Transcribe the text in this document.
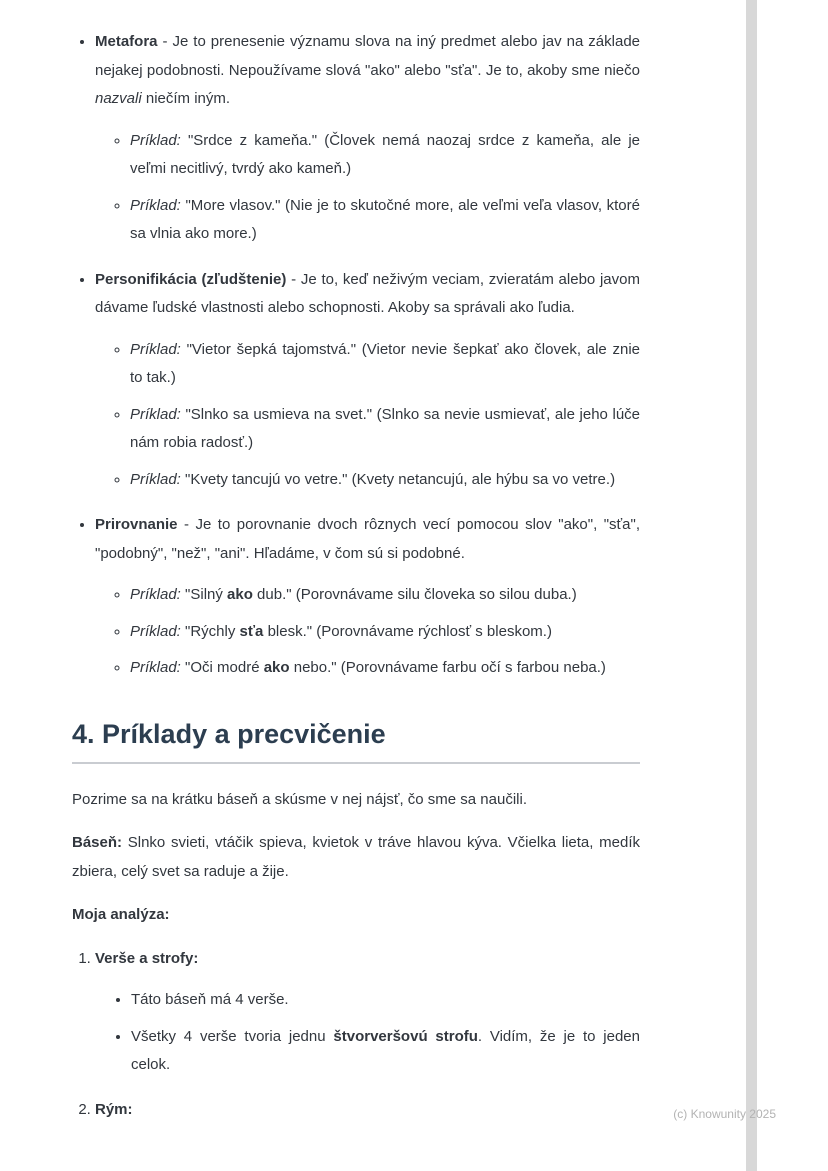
• Metafora - Je to prenesenie významu slova na iný predmet alebo jav na základe nejakej podobnosti. Nepoužívame slová "ako" alebo "sťa". Je to, akoby sme niečo nazvali niečím iným.

◦ Príklad: "Srdce z kameňa." (Človek nemá naozaj srdce z kameňa, ale je veľmi necitlivý, tvrdý ako kameň.)

◦ Príklad: "More vlasov." (Nie je to skutočné more, ale veľmi veľa vlasov, ktoré sa vlnia ako more.)

• Personifikácia (zľudštenie) - Je to, keď neživým veciam, zvieratám alebo javom dávame ľudské vlastnosti alebo schopnosti. Akoby sa správali ako ľudia.

◦ Príklad: "Vietor šepká tajomstvá." (Vietor nevie šepkať ako človek, ale znie to tak.)

◦ Príklad: "Slnko sa usmieva na svet." (Slnko sa nevie usmievať, ale jeho lúče nám robia radosť.)

◦ Príklad: "Kvety tancujú vo vetre." (Kvety netancujú, ale hýbu sa vo vetre.)

• Prirovnanie - Je to porovnanie dvoch rôznych vecí pomocou slov "ako", "sťa", "podobný", "než", "ani". Hľadáme, v čom sú si podobné.

◦ Príklad: "Silný ako dub." (Porovnávame silu človeka so silou duba.)

◦ Príklad: "Rýchly sťa blesk." (Porovnávame rýchlosť s bleskom.)

◦ Príklad: "Oči modré ako nebo." (Porovnávame farbu očí s farbou neba.)

4. Príklady a precvičenie

Pozrime sa na krátku báseň a skúsme v nej nájsť, čo sme sa naučili.

Báseň: Slnko svieti, vtáčik spieva, kvietok v tráve hlavou kýva. Včielka lieta, medík zbiera, celý svet sa raduje a žije.

Moja analýza:

1. Verše a strofy:

• Táto báseň má 4 verše.

• Všetky 4 verše tvoria jednu štvorveršovú strofu. Vidím, že je to jeden celok.

2. Rým:	(c) Knowunity 2025
